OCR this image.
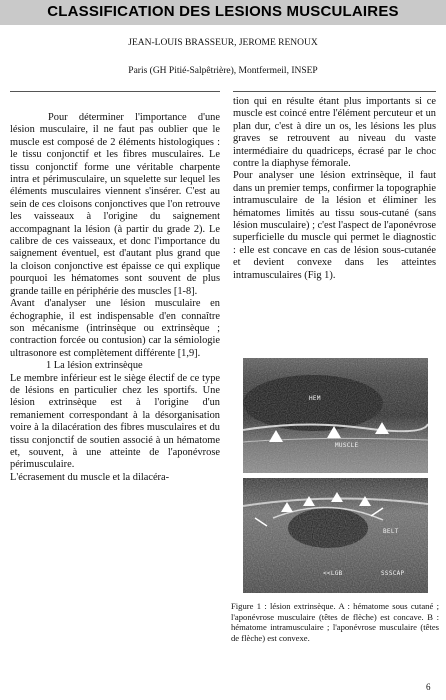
CLASSIFICATION DES LESIONS MUSCULAIRES
JEAN-LOUIS BRASSEUR, JEROME RENOUX
Paris (GH Pitié-Salpêtrière), Montfermeil, INSEP

Pour déterminer l'importance d'une lésion musculaire, il ne faut pas oublier que le muscle est composé de 2 éléments histologiques : le tissu conjonctif et les fibres musculaires. Le tissu conjonctif forme une véritable charpente intra et périmusculaire, un squelette sur lequel les éléments musculaires viennent s'insérer. C'est au sein de ces cloisons conjonctives que l'on retrouve les vaisseaux à l'origine du saignement accompagnant la lésion (à partir du grade 2). Le calibre de ces vaisseaux, et donc l'importance du saignement éventuel, est d'autant plus grand que la cloison conjonctive est épaisse ce qui explique pourquoi les hématomes sont souvent de plus grande taille en périphérie des muscles [1-8].

Avant d'analyser une lésion musculaire en échographie, il est indispensable d'en connaître son mécanisme (intrinsèque ou extrinsèque ; contraction forcée ou contusion) car la sémiologie ultrasonore est complètement différente [1,9].

1 La lésion extrinsèque

Le membre inférieur est le siège électif de ce type de lésions en particulier chez les sportifs. Une lésion extrinsèque est à l'origine d'un remaniement correspondant à la désorganisation voire à la dilacération des fibres musculaires et du tissu conjonctif de soutien associé à un hématome et, souvent, à une atteinte de l'aponévrose périmusculaire.

L'écrasement du muscle et la dilacéra-

tion qui en résulte étant plus importants si ce muscle est coincé entre l'élément percuteur et un plan dur, c'est à dire un os, les lésions les plus graves se retrouvent au niveau du vaste intermédiaire du quadriceps, écrasé par le choc contre la diaphyse fémorale.

Pour analyser une lésion extrinsèque, il faut dans un premier temps, confirmer la topographie intramusculaire de la lésion et éliminer les hématomes limités au tissu sous-cutané (sans lésion musculaire) ; c'est l'aspect de l'aponévrose superficielle du muscle qui permet le diagnostic : elle est concave en cas de lésion sous-cutanée et devient convexe dans les atteintes intramusculaires (Fig 1).

HEM
MUSCLE
BELT
<<LGB	SSSCAP
Figure 1 : lésion extrinsèque. A : hématome sous cutané ; l'aponévrose musculaire (têtes de flèche) est concave. B : hématome intramusculaire ; l'aponévrose musculaire (têtes de flèche) est convexe.
6
